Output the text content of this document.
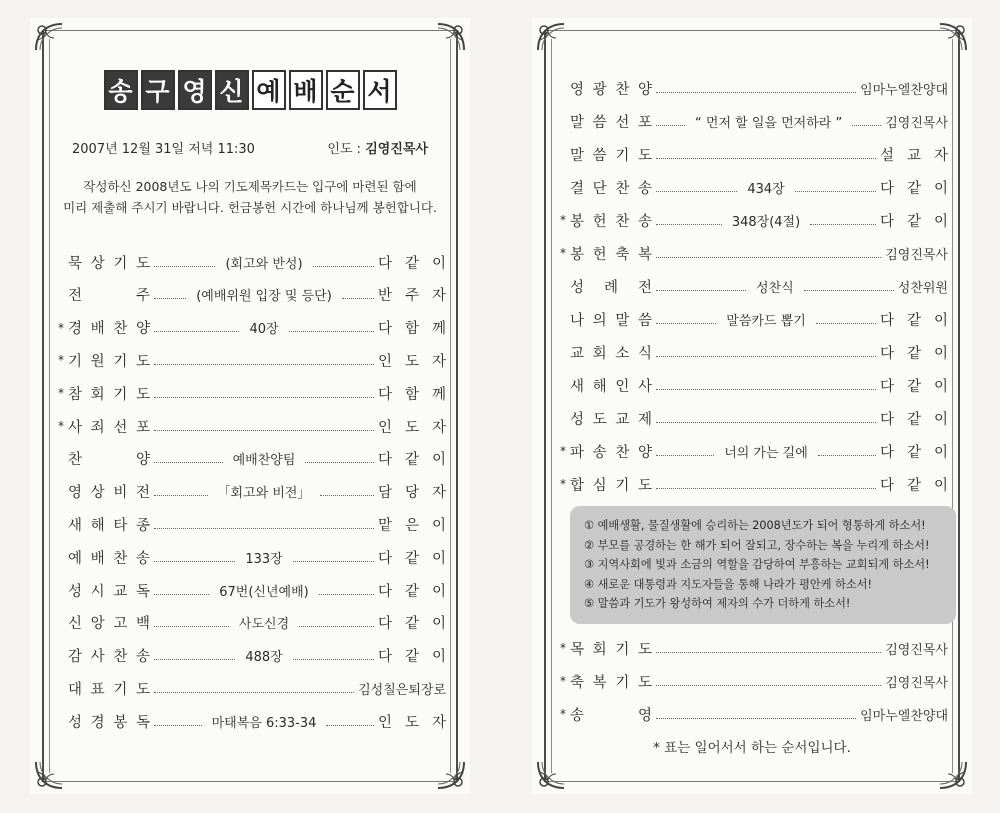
송 구 영 신 예 배 순 서
2007년 12월 31일 저녁 11:30	인도 : 김영진목사
작성하신 2008년도 나의 기도제목카드는 입구에 마련된 함에
미리 제출해 주시기 바랍니다. 헌금봉헌 시간에 하나님께 봉헌합니다.
묵 상 기 도	(회고와 반성)	다 같 이
전	주	(예배위원 입장 및 등단)	반 주 자
* 경 배 찬 양	40장	다 함 께
* 기 원 기 도	인 도 자
* 참 회 기 도	다 함 께
* 사 죄 선 포	인 도 자
찬	양	예배찬양팀	다 같 이
영 상 비 전	「회고와 비전」	담 당 자
새 해 타 종	맡 은 이
예 배 찬 송	133장	다 같 이
성 시 교 독	67번(신년예배)	다 같 이
신 앙 고 백	사도신경	다 같 이
감 사 찬 송	488장	다 같 이
대 표 기 도	김성칠은퇴장로
성 경 봉 독	마태복음 6:33-34	인 도 자
영 광 찬 양	임마누엘찬양대
말 씀 선 포	“ 먼저 할 일을 먼저하라 ”	김영진목사
말 씀 기 도	설 교 자
결 단 찬 송	434장	다 같 이
* 봉 헌 찬 송	348장(4절)	다 같 이
* 봉 헌 축 복	김영진목사
성 례 전	성찬식	성찬위원
나 의 말 씀	말씀카드 뽑기	다 같 이
교 회 소 식	다 같 이
새 해 인 사	다 같 이
성 도 교 제	다 같 이
* 파 송 찬 양	너의 가는 길에	다 같 이
* 합 심 기 도	다 같 이
① 예배생활, 물질생활에 승리하는 2008년도가 되어 형통하게 하소서!
② 부모를 공경하는 한 해가 되어 잘되고, 장수하는 복을 누리게 하소서!
③ 지역사회에 빛과 소금의 역할을 감당하여 부흥하는 교회되게 하소서!
④ 새로운 대통령과 지도자들을 통해 나라가 평안케 하소서!
⑤ 말씀과 기도가 왕성하여 제자의 수가 더하게 하소서!
* 목 회 기 도	김영진목사
* 축 복 기 도	김영진목사
* 송	영	임마누엘찬양대
* 표는 일어서서 하는 순서입니다.
